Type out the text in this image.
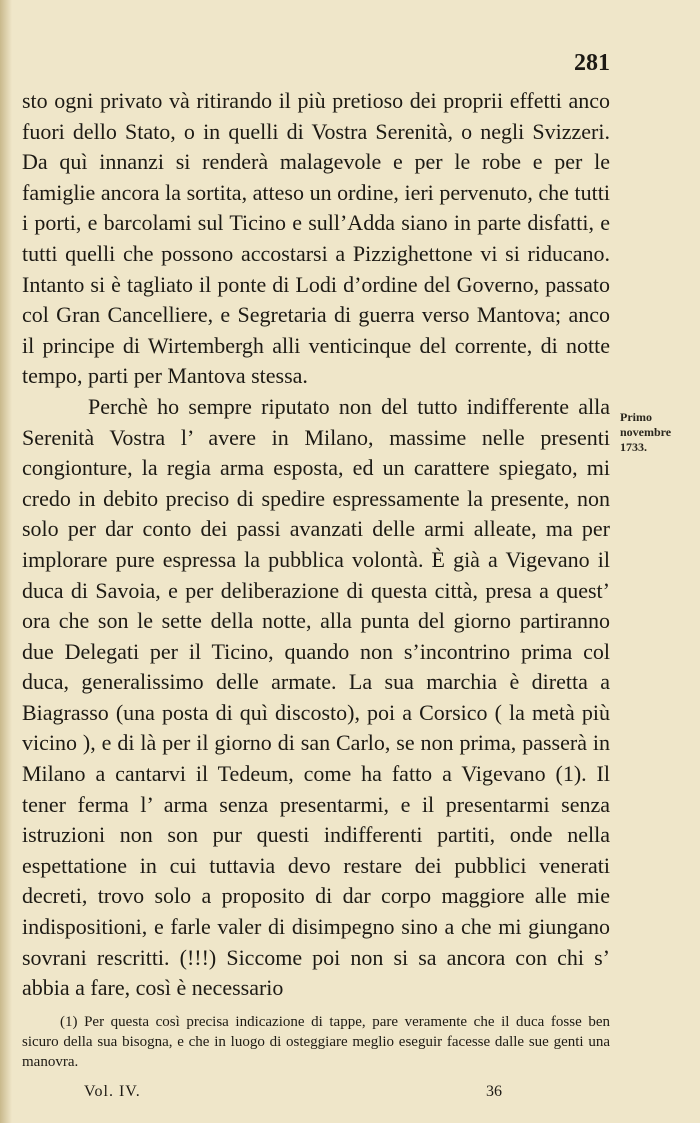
281

sto ogni privato và ritirando il più pretioso dei proprii effetti anco fuori dello Stato, o in quelli di Vostra Serenità, o negli Svizzeri. Da quì innanzi si renderà malagevole e per le robe e per le famiglie ancora la sortita, atteso un ordine, ieri pervenuto, che tutti i porti, e barcolami sul Ticino e sull’Adda siano in parte disfatti, e tutti quelli che possono accostarsi a Pizzighettone vi si riducano. Intanto si è tagliato il ponte di Lodi d’ordine del Governo, passato col Gran Cancelliere, e Segretaria di guerra verso Mantova; anco il principe di Wirtembergh alli venticinque del corrente, di notte tempo, parti per Mantova stessa.

Perchè ho sempre riputato non del tutto indifferente alla Serenità Vostra l’ avere in Milano, massime nelle presenti congionture, la regia arma esposta, ed un carattere spiegato, mi credo in debito preciso di spedire espressamente la presente, non solo per dar conto dei passi avanzati delle armi alleate, ma per implorare pure espressa la pubblica volontà. È già a Vigevano il duca di Savoia, e per deliberazione di questa città, presa a quest’ ora che son le sette della notte, alla punta del giorno partiranno due Delegati per il Ticino, quando non s’incontrino prima col duca, generalissimo delle armate. La sua marchia è diretta a Biagrasso (una posta di quì discosto), poi a Corsico ( la metà più vicino ), e di là per il giorno di san Carlo, se non prima, passerà in Milano a cantarvi il Tedeum, come ha fatto a Vigevano (1). Il tener ferma l’ arma senza presentarmi, e il presentarmi senza istruzioni non son pur questi indifferenti partiti, onde nella espettatione in cui tuttavia devo restare dei pubblici venerati decreti, trovo solo a proposito di dar corpo maggiore alle mie indispositioni, e farle valer di disimpegno sino a che mi giungano sovrani rescritti. (!!!) Siccome poi non si sa ancora con chi s’ abbia a fare, così è necessario

Primo
novembre
1733.
(1) Per questa così precisa indicazione di tappe, pare veramente che il duca fosse ben sicuro della sua bisogna, e che in luogo di osteggiare meglio eseguir facesse dalle sue genti una manovra.
Vol. IV.	36
